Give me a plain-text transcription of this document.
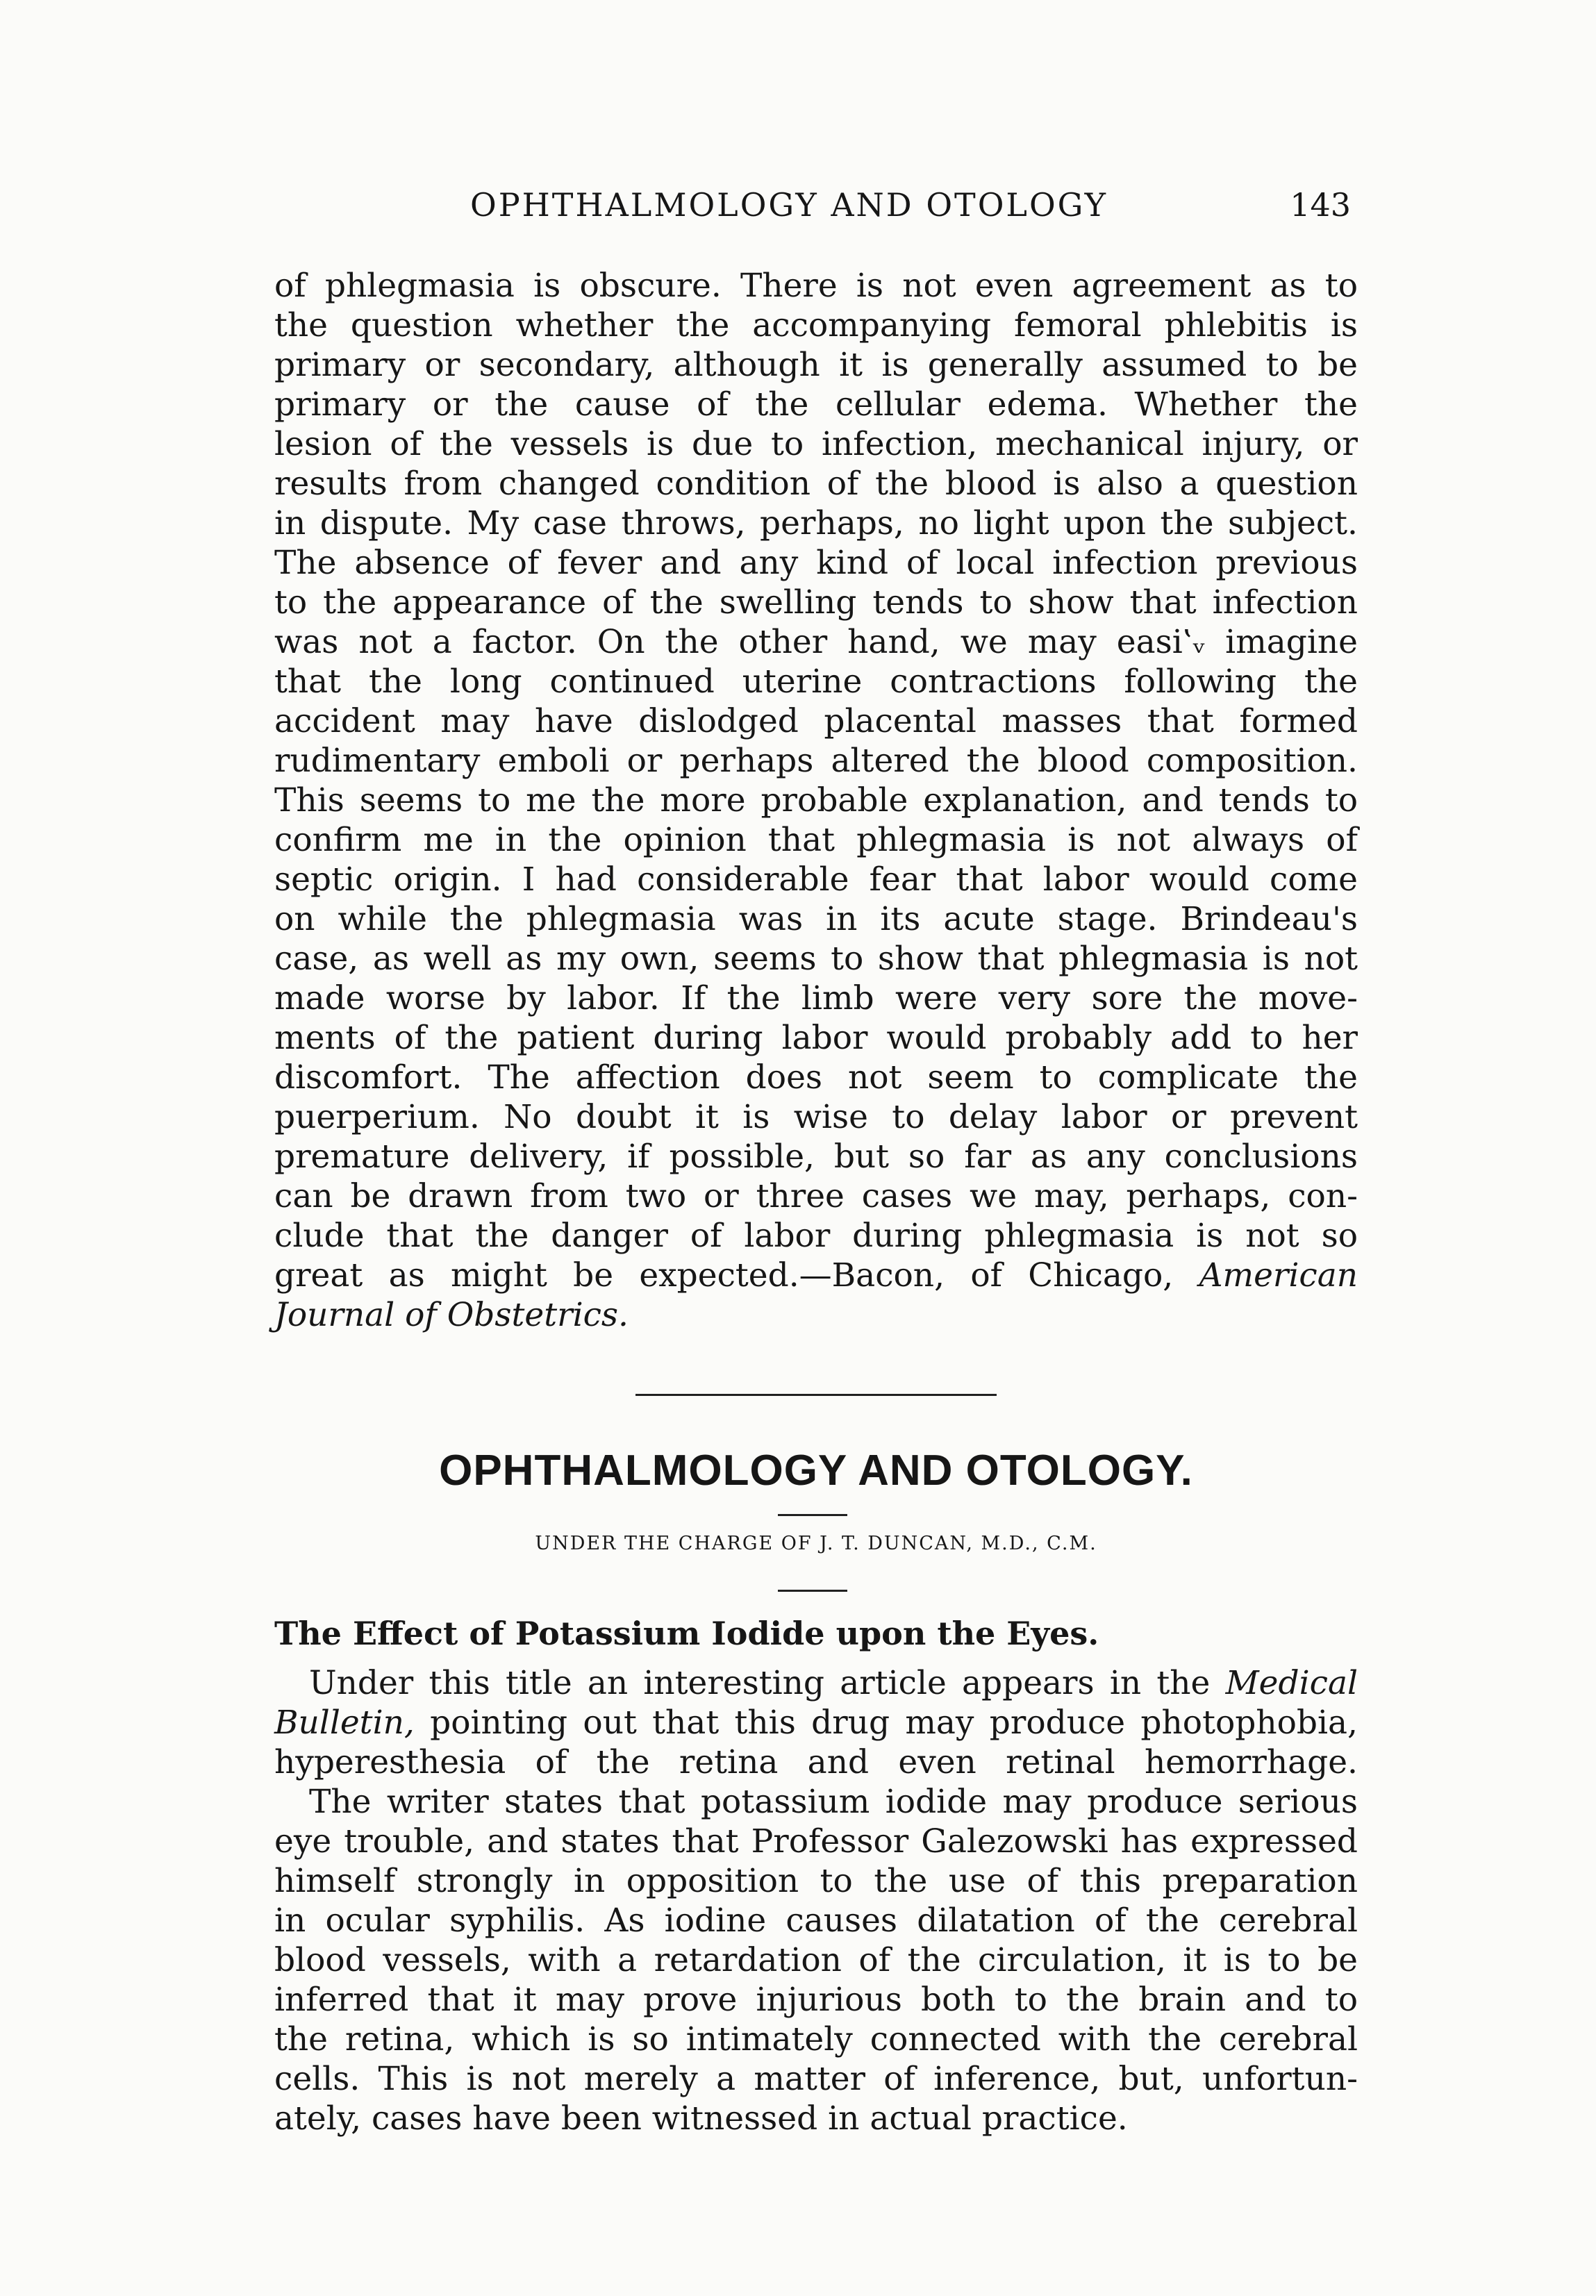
OPHTHALMOLOGY AND OTOLOGY	143
of phlegmasia is obscure. There is not even agreement as to
the question whether the accompanying femoral phlebitis is
primary or secondary, although it is generally assumed to be
primary or the cause of the cellular edema. Whether the
lesion of the vessels is due to infection, mechanical injury, or
results from changed condition of the blood is also a question
in dispute. My case throws, perhaps, no light upon the subject.
The absence of fever and any kind of local infection previous
to the appearance of the swelling tends to show that infection
was not a factor. On the other hand, we may easi‛ᵥ imagine
that the long continued uterine contractions following the
accident may have dislodged placental masses that formed
rudimentary emboli or perhaps altered the blood composition.
This seems to me the more probable explanation, and tends to
confirm me in the opinion that phlegmasia is not always of
septic origin. I had considerable fear that labor would come
on while the phlegmasia was in its acute stage. Brindeau's
case, as well as my own, seems to show that phlegmasia is not
made worse by labor. If the limb were very sore the move-
ments of the patient during labor would probably add to her
discomfort. The affection does not seem to complicate the
puerperium. No doubt it is wise to delay labor or prevent
premature delivery, if possible, but so far as any conclusions
can be drawn from two or three cases we may, perhaps, con-
clude that the danger of labor during phlegmasia is not so
great as might be expected.—Bacon, of Chicago, American
Journal of Obstetrics.
OPHTHALMOLOGY AND OTOLOGY.
UNDER THE CHARGE OF J. T. DUNCAN, M.D., C.M.
The Effect of Potassium Iodide upon the Eyes.
Under this title an interesting article appears in the Medical
Bulletin, pointing out that this drug may produce photophobia,
hyperesthesia of the retina and even retinal hemorrhage.
The writer states that potassium iodide may produce serious
eye trouble, and states that Professor Galezowski has expressed
himself strongly in opposition to the use of this preparation
in ocular syphilis. As iodine causes dilatation of the cerebral
blood vessels, with a retardation of the circulation, it is to be
inferred that it may prove injurious both to the brain and to
the retina, which is so intimately connected with the cerebral
cells. This is not merely a matter of inference, but, unfortun-
ately, cases have been witnessed in actual practice.
